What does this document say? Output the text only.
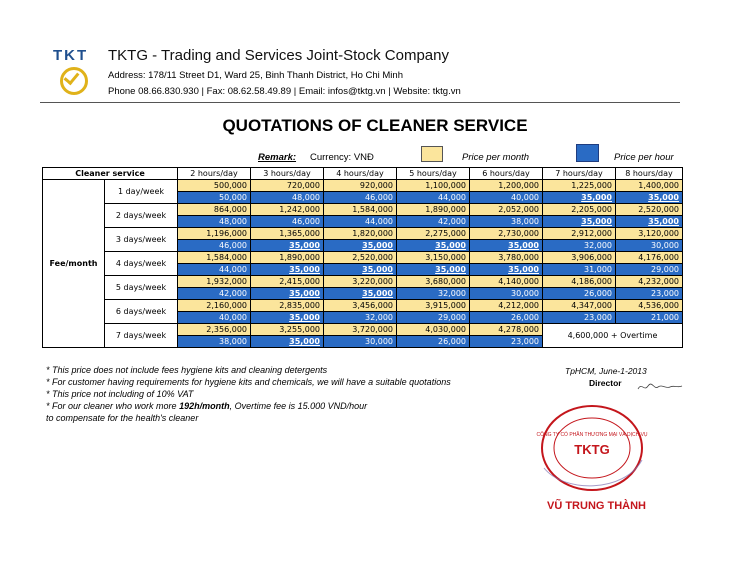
TKT TKTG - Trading and Services Joint-Stock Company
Address: 178/11 Street D1, Ward 25, Binh Thanh District, Ho Chi Minh
Phone 08.66.830.930 | Fax: 08.62.58.49.89 | Email: infos@tktg.vn | Website: tktg.vn
QUOTATIONS OF CLEANER SERVICE
Remark: Currency: VNĐ	Price per month	Price per hour
Cleaner service		2 hours/day	3 hours/day	4 hours/day	5 hours/day	6 hours/day	7 hours/day	8 hours/day
Fee/month	1 day/week	500,000	720,000	920,000	1,100,000	1,200,000	1,225,000	1,400,000
		50,000	48,000	46,000	44,000	40,000	35,000	35,000
	2 days/week	864,000	1,242,000	1,584,000	1,890,000	2,052,000	2,205,000	2,520,000
		48,000	46,000	44,000	42,000	38,000	35,000	35,000
	3 days/week	1,196,000	1,365,000	1,820,000	2,275,000	2,730,000	2,912,000	3,120,000
		46,000	35,000	35,000	35,000	35,000	32,000	30,000
	4 days/week	1,584,000	1,890,000	2,520,000	3,150,000	3,780,000	3,906,000	4,176,000
		44,000	35,000	35,000	35,000	35,000	31,000	29,000
	5 days/week	1,932,000	2,415,000	3,220,000	3,680,000	4,140,000	4,186,000	4,232,000
		42,000	35,000	35,000	32,000	30,000	26,000	23,000
	6 days/week	2,160,000	2,835,000	3,456,000	3,915,000	4,212,000	4,347,000	4,536,000
		40,000	35,000	32,000	29,000	26,000	23,000	21,000
	7 days/week	2,356,000	3,255,000	3,720,000	4,030,000	4,278,000	4,600,000 + Overtime	
		38,000	35,000	30,000	26,000	23,000		
* This price does not include fees hygiene kits and cleaning detergents
* For customer having requirements for hygiene kits and chemicals, we will have a suitable quotations
* This price not including of 10% VAT
* For our cleaner who work more 192h/month, Overtime fee is 15.000 VND/hour
to compensate for the health's cleaner
TpHCM, June-1-2013
Director
TKTG
CÔNG TY CỔ PHẦN THƯƠNG MẠI VÀ DỊCH VỤ
VŨ TRUNG THÀNH
